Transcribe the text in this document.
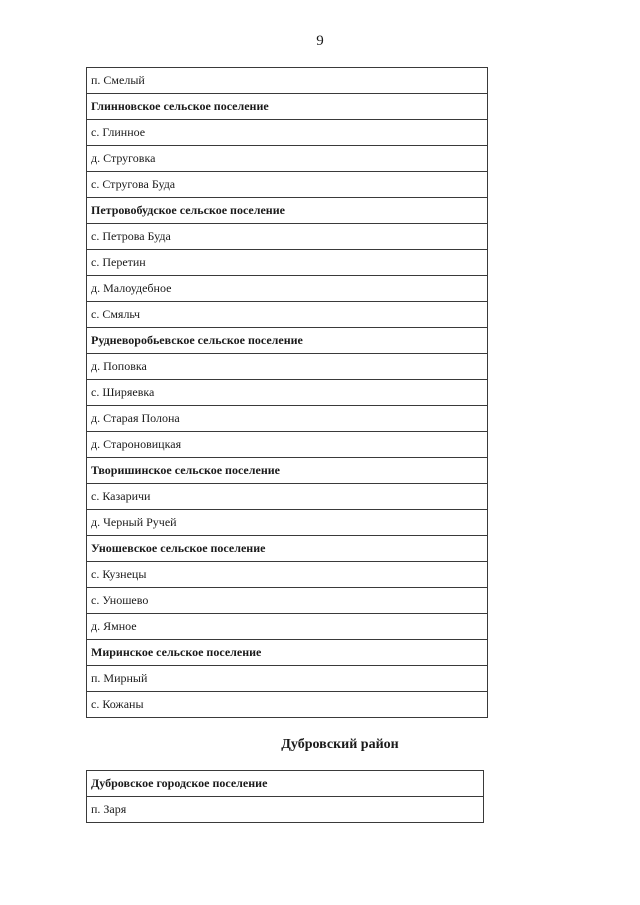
9
п. Смелый
Глинновское сельское поселение
с. Глинное
д. Струговка
с. Стругова Буда
Петровобудское сельское поселение
с. Петрова Буда
с. Перетин
д. Малоудебное
с. Смяльч
Рудневоробьевское сельское поселение
д. Поповка
с. Ширяевка
д. Старая Полона
д. Староновицкая
Творишинское сельское поселение
с. Казаричи
д. Черный Ручей
Уношевское сельское поселение
с. Кузнецы
с. Уношево
д. Ямное
Миринское сельское поселение
п. Мирный
с. Кожаны
Дубровский район
Дубровское городское поселение
п. Заря
